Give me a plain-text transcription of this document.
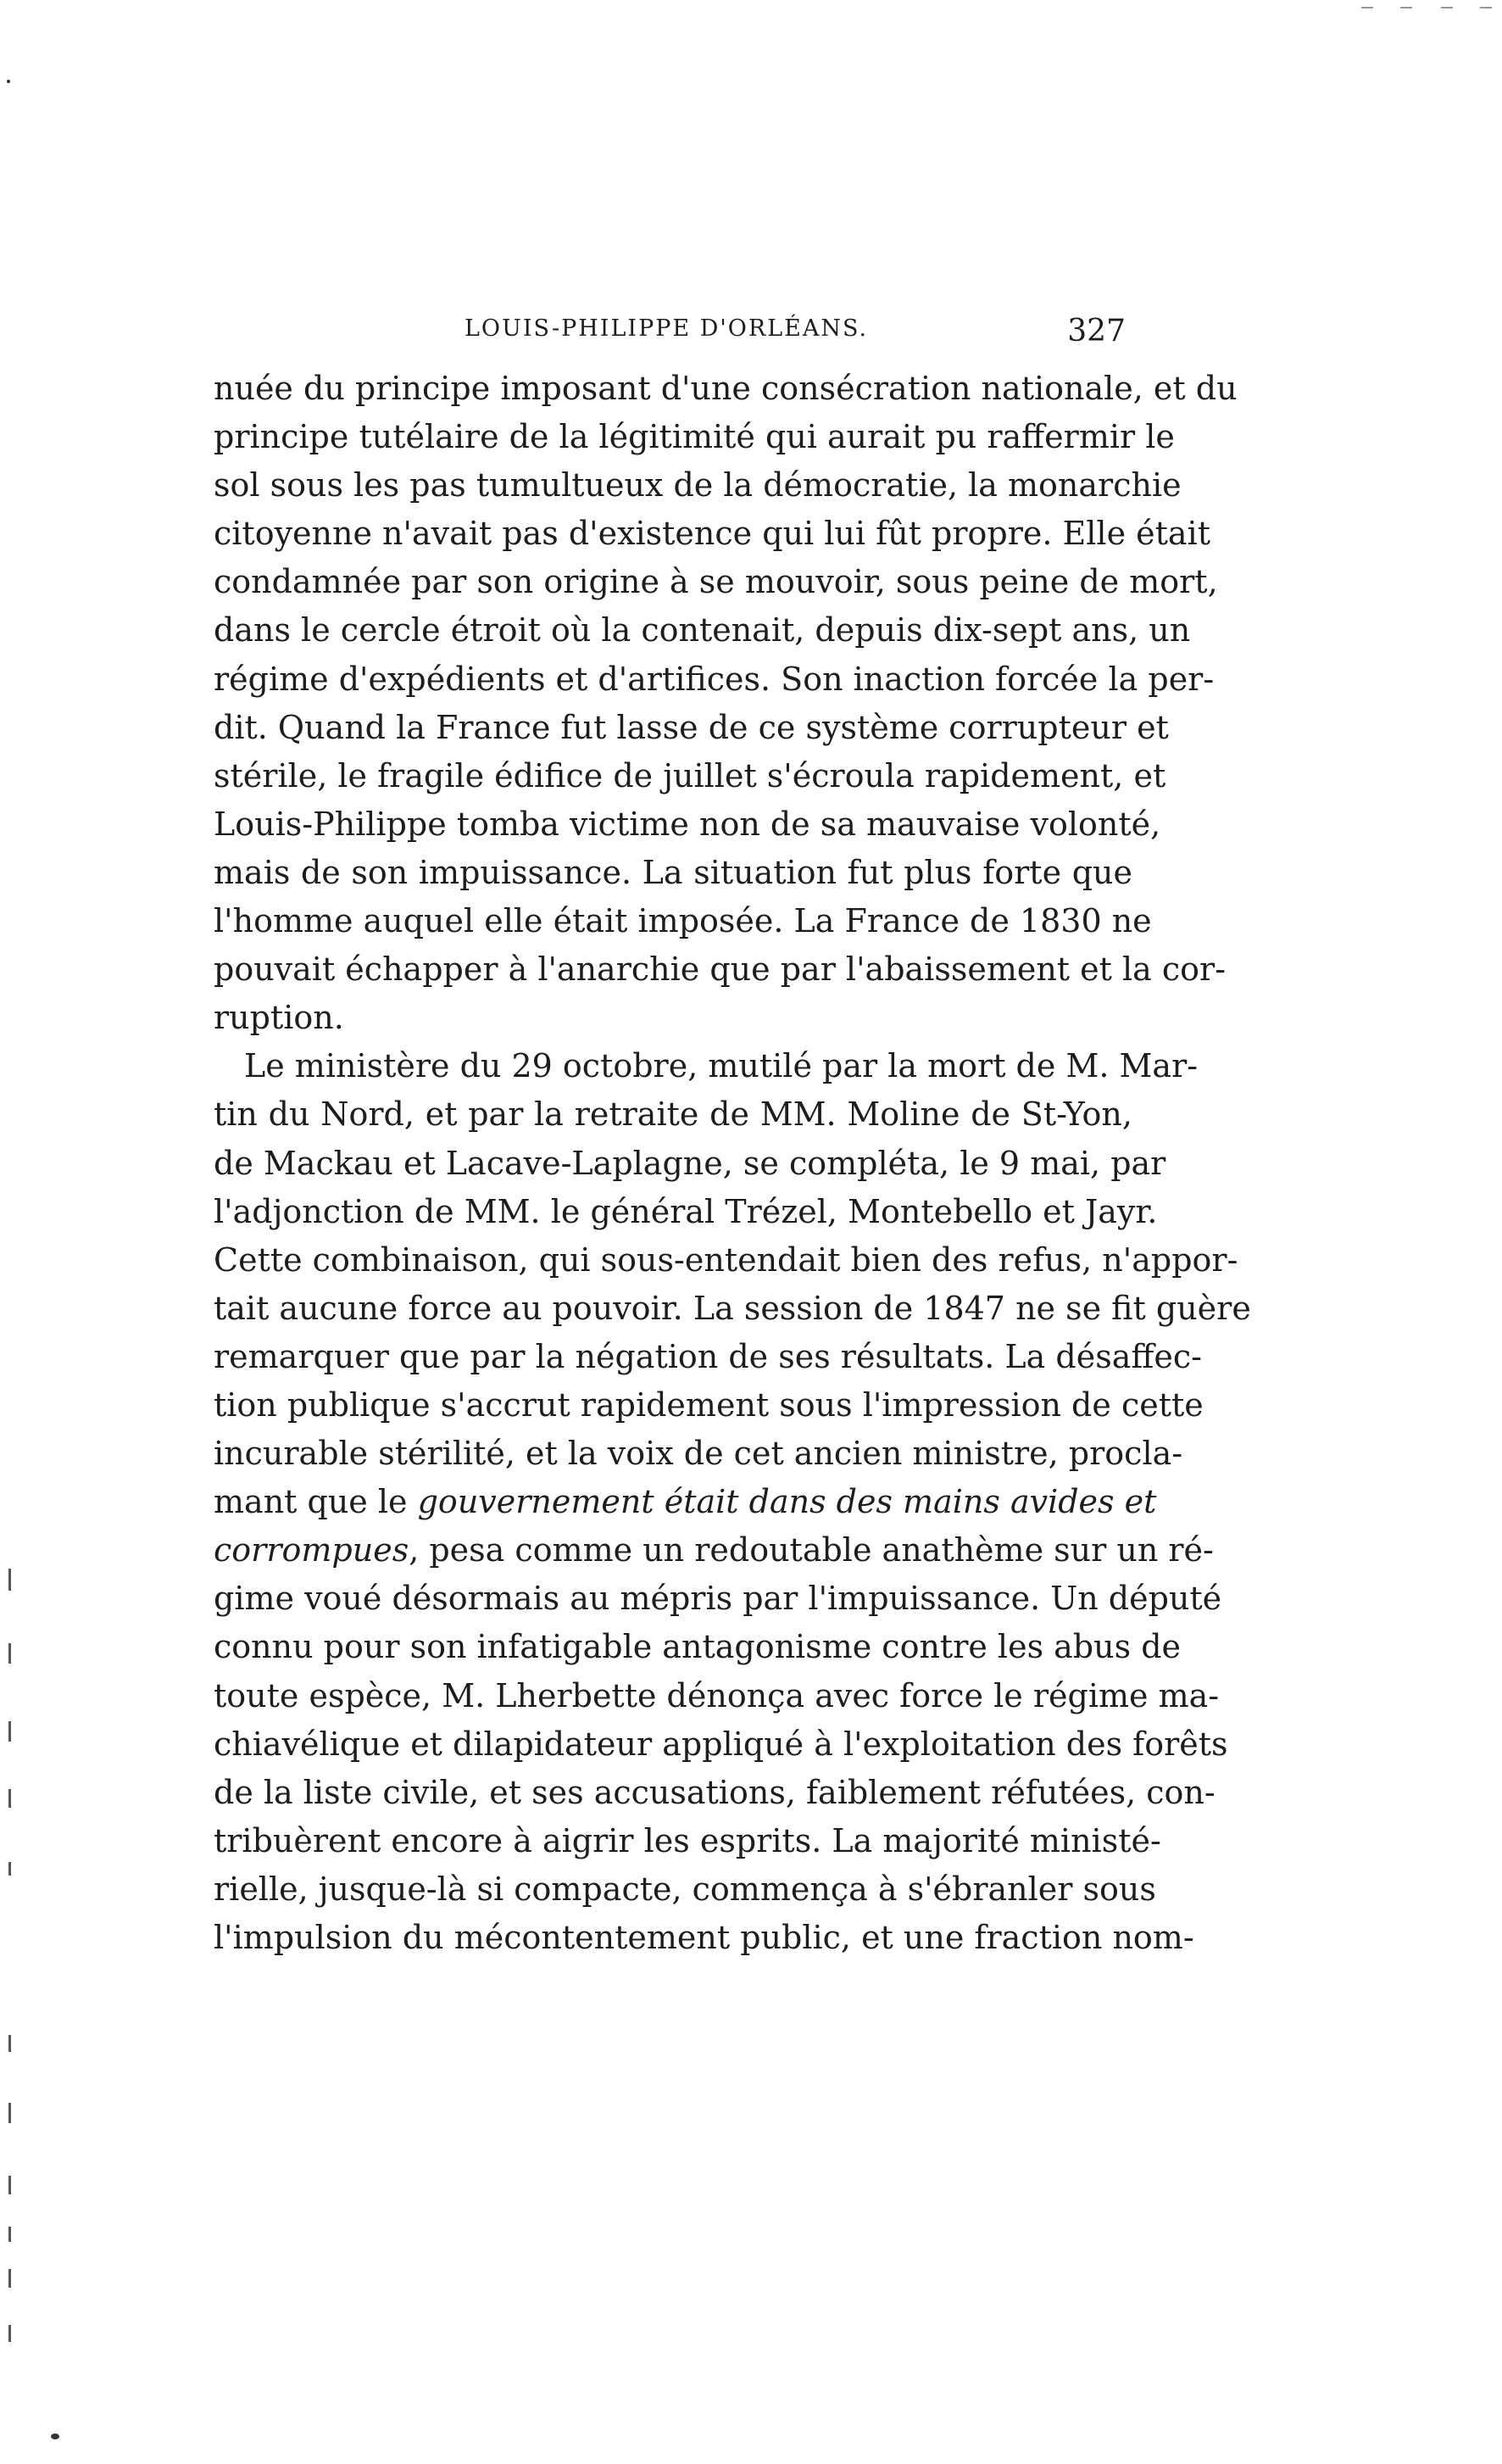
LOUIS-PHILIPPE D'ORLÉANS.	327
nuée du principe imposant d'une consécration nationale, et du
principe tutélaire de la légitimité qui aurait pu raffermir le
sol sous les pas tumultueux de la démocratie, la monarchie
citoyenne n'avait pas d'existence qui lui fût propre. Elle était
condamnée par son origine à se mouvoir, sous peine de mort,
dans le cercle étroit où la contenait, depuis dix-sept ans, un
régime d'expédients et d'artifices. Son inaction forcée la per-
dit. Quand la France fut lasse de ce système corrupteur et
stérile, le fragile édifice de juillet s'écroula rapidement, et
Louis-Philippe tomba victime non de sa mauvaise volonté,
mais de son impuissance. La situation fut plus forte que
l'homme auquel elle était imposée. La France de 1830 ne
pouvait échapper à l'anarchie que par l'abaissement et la cor-
ruption.
Le ministère du 29 octobre, mutilé par la mort de M. Mar-
tin du Nord, et par la retraite de MM. Moline de St-Yon,
de Mackau et Lacave-Laplagne, se compléta, le 9 mai, par
l'adjonction de MM. le général Trézel, Montebello et Jayr.
Cette combinaison, qui sous-entendait bien des refus, n'appor-
tait aucune force au pouvoir. La session de 1847 ne se fit guère
remarquer que par la négation de ses résultats. La désaffec-
tion publique s'accrut rapidement sous l'impression de cette
incurable stérilité, et la voix de cet ancien ministre, procla-
mant que le gouvernement était dans des mains avides et
corrompues, pesa comme un redoutable anathème sur un ré-
gime voué désormais au mépris par l'impuissance. Un député
connu pour son infatigable antagonisme contre les abus de
toute espèce, M. Lherbette dénonça avec force le régime ma-
chiavélique et dilapidateur appliqué à l'exploitation des forêts
de la liste civile, et ses accusations, faiblement réfutées, con-
tribuèrent encore à aigrir les esprits. La majorité ministé-
rielle, jusque-là si compacte, commença à s'ébranler sous
l'impulsion du mécontentement public, et une fraction nom-
